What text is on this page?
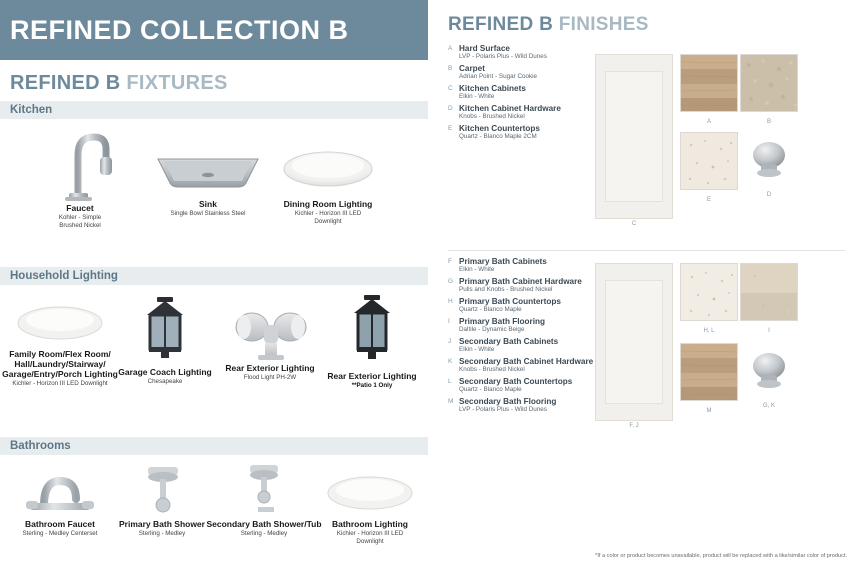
REFINED COLLECTION B
REFINED B FIXTURES
Kitchen
Faucet
Kohler - Simple
Brushed Nickel
Sink
Single Bowl Stainless Steel
Dining Room Lighting
Kichler - Horizon III LED
Downlight
Household Lighting
Family Room/Flex Room/
Hall/Laundry/Stairway/
Garage/Entry/Porch Lighting
Kichler - Horizon III LED Downlight
Garage Coach Lighting
Chesapeake
Rear Exterior Lighting
Flood Light PH-2W	Rear Exterior Lighting
**Patio 1 Only
Bathrooms
Bathroom Faucet
Sterling - Medley Centerset
Primary Bath Shower
Sterling - Medley
Secondary Bath Shower/Tub
Sterling - Medley
Bathroom Lighting
Kichler - Horizon III LED
Downlight
REFINED B FINISHES
A Hard Surface
LVP - Polaris Plus - Wild Dunes
B Carpet
Adrian Point - Sugar Cookie
C Kitchen Cabinets
Elkin - White
D Kitchen Cabinet Hardware
Knobs - Brushed Nickel
E Kitchen Countertops
Quartz - Blanco Maple 2CM
C
A	B
E
D
F Primary Bath Cabinets
Elkin - White
G Primary Bath Cabinet Hardware
Pulls and Knobs - Brushed Nickel
H Primary Bath Countertops
Quartz - Blanco Maple
I	Primary Bath Flooring
Daltile - Dynamic Beige
J Secondary Bath Cabinets
Elkin - White
K Secondary Bath Cabinet Hardware
Knobs - Brushed Nickel
L Secondary Bath Countertops
Quartz - Blanco Maple
M Secondary Bath Flooring
LVP - Polaris Plus - Wild Dunes
F, J
H, L	I
M
G, K
*If a color or product becomes unavailable, product will be replaced with a like/similar color of product.
